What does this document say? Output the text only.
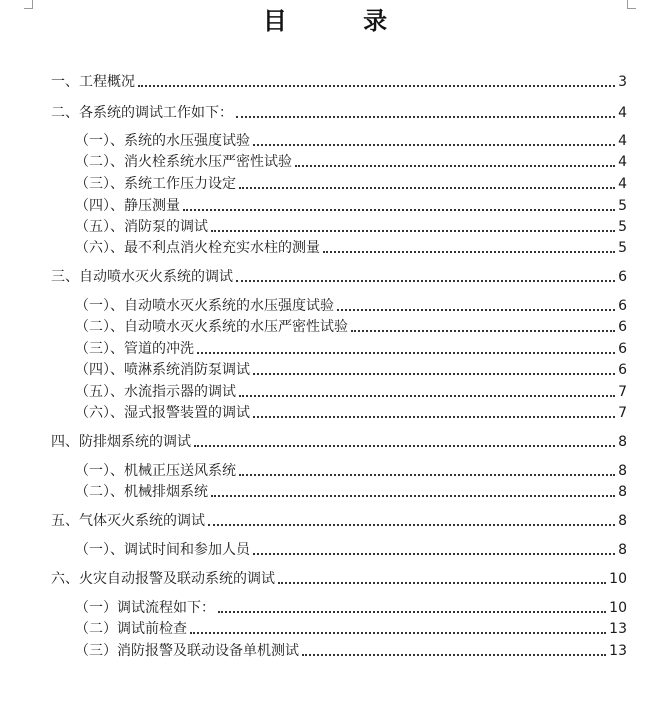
目 录
一、工程概况	3
二、各系统的调试工作如下：	4
（一）、系统的水压强度试验	4
（二）、消火栓系统水压严密性试验	4
（三）、系统工作压力设定	4
（四）、静压测量	5
（五）、消防泵的调试	5
（六）、最不利点消火栓充实水柱的测量	5
三、自动喷水灭火系统的调试	6
（一）、自动喷水灭火系统的水压强度试验	6
（二）、自动喷水灭火系统的水压严密性试验	6
（三）、管道的冲洗	6
（四）、喷淋系统消防泵调试	6
（五）、水流指示器的调试	7
（六）、湿式报警装置的调试	7
四、防排烟系统的调试	8
（一）、机械正压送风系统	8
（二）、机械排烟系统	8
五、气体灭火系统的调试	8
（一）、调试时间和参加人员	8
六、火灾自动报警及联动系统的调试	10
（一）调试流程如下：	10
（二）调试前检查	13
（三）消防报警及联动设备单机测试	13
